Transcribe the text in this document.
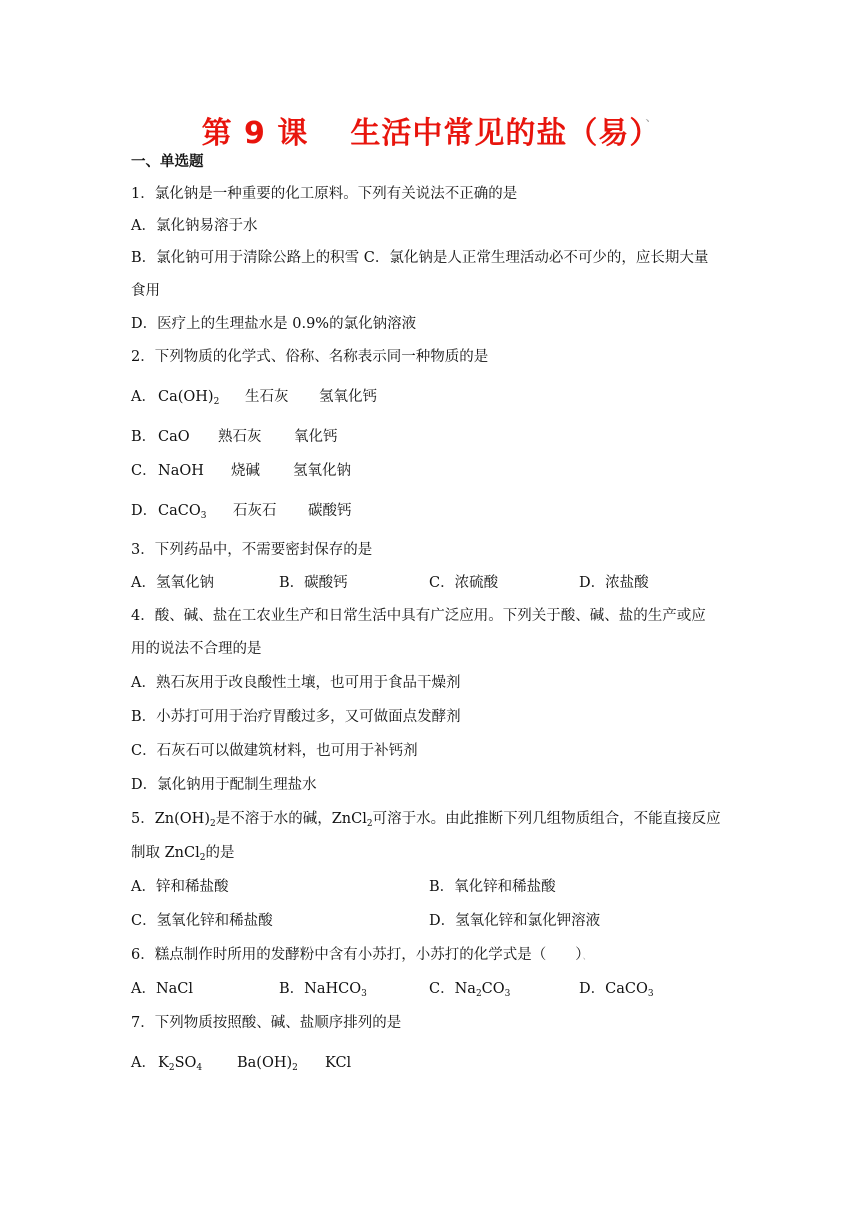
第 9 课 生活中常见的盐（易）、
一、单选题
1．氯化钠是一种重要的化工原料。下列有关说法不正确的是
A．氯化钠易溶于水
B．氯化钠可用于清除公路上的积雪 C．氯化钠是人正常生理活动必不可少的，应长期大量
食用
D．医疗上的生理盐水是 0.9%的氯化钠溶液
2．下列物质的化学式、俗称、名称表示同一种物质的是
A． $Ca(OH)_2$ 生石灰 氢氧化钙
B． CaO 熟石灰 氧化钙
C．NaOH 烧碱 氢氧化钠
D．CaCO$_3$ 石灰石 碳酸钙
3．下列药品中，不需要密封保存的是
A．氢氧化钠	B．碳酸钙	C．浓硫酸	D．浓盐酸
4．酸、碱、盐在工农业生产和日常生活中具有广泛应用。下列关于酸、碱、盐的生产或应
用的说法不合理的是
A．熟石灰用于改良酸性土壤，也可用于食品干燥剂
B．小苏打可用于治疗胃酸过多，又可做面点发酵剂
C．石灰石可以做建筑材料，也可用于补钙剂
D．氯化钠用于配制生理盐水
5．$Zn(OH)_2$是不溶于水的碱，ZnCl$_2$可溶于水。由此推断下列几组物质组合，不能直接反应
制取 ZnCl$_2$的是
A．锌和稀盐酸	B．氧化锌和稀盐酸
C．氢氧化锌和稀盐酸	D．氢氧化锌和氯化钾溶液
6．糕点制作时所用的发酵粉中含有小苏打，小苏打的化学式是（　　）、
A．NaCl	B．NaHCO$_3$	C．$Na_2CO_3$	D．CaCO$_3$
7．下列物质按照酸、碱、盐顺序排列的是
A． $K_2SO_4$ $Ba(OH)_2$ KCl
